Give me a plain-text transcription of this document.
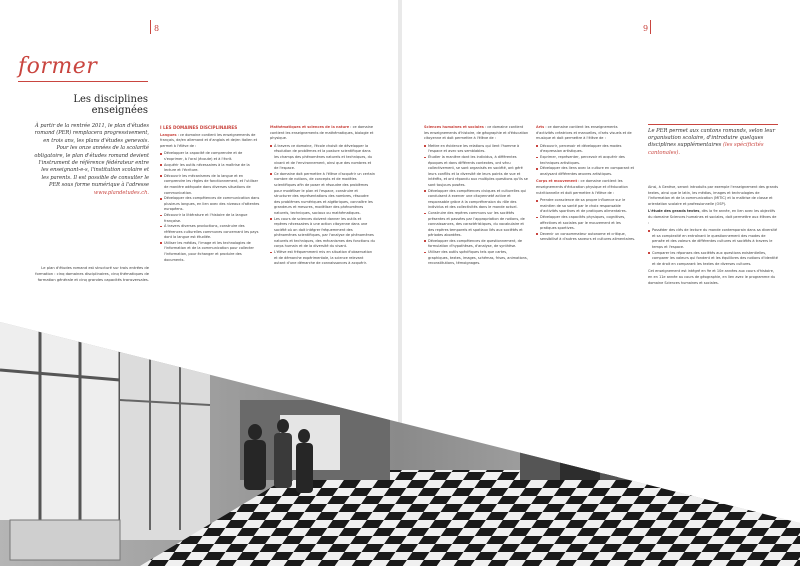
8
former
Les disciplines enseignées
À partir de la rentrée 2011, le plan d'études romand (PER) remplacera progressivement, en trois ans, les plans d'études genevois. Pour les onze années de la scolarité obligatoire, le plan d'études romand devient l'instrument de référence fédérateur entre les enseignant-e-s, l'institution scolaire et les parents. Il est possible de consulter le PER sous forme numérique à l'adresse www.plandetudes.ch.
Le plan d'études romand est structuré sur trois entrées de formation : cinq domaines disciplinaires, cinq thématiques de formation générale et cinq grandes capacités transversales.

I LES DOMAINES DISCIPLINAIRES

Langues : ce domaine contient les enseignements de français, de/en allemand et d'anglais et de/en italien et permet à l'élève de :

Développer la capacité de comprendre et de s'exprimer, à l'oral (écoute) et à l'écrit.
Acquérir les outils nécessaires à la maîtrise de la lecture et l'écriture.
Découvrir les mécanismes de la langue et en comprendre les règles de fonctionnement, et l'utiliser de manière adéquate dans diverses situations de communication.
Développer des compétences de communication dans plusieurs langues, en lien avec des niveaux d'attentes européens.
Découvrir la littérature et l'histoire de la langue française.
À travers diverses productions, construire des références culturelles communes concernant les pays dont la langue est étudiée.
Utiliser les médias, l'image et les technologies de l'information et de la communication pour collecter l'information, pour échanger et produire des documents.

Mathématiques et sciences de la nature : ce domaine contient les enseignements de mathématiques, biologie et physique.

À travers ce domaine, l'école choisit de développer la résolution de problèmes et la posture scientifique dans les champs des phénomènes naturels et techniques, du vivant et de l'environnement, ainsi que des nombres et de l'espace.
Ce domaine doit permettre à l'élève d'acquérir un certain nombre de notions, de concepts et de modèles scientifiques afin de poser et résoudre des problèmes pour modéliser le plan et l'espace, construire et structurer des représentations des nombres, résoudre des problèmes numériques et algébriques, connaître les grandeurs et mesures, modéliser des phénomènes naturels, techniques, sociaux ou mathématiques.
Les cours de sciences doivent donner les outils et repères nécessaires à une action citoyenne dans une société où on doit intégrer fréquemment des phénomènes scientifiques, par l'analyse de phénomènes naturels et techniques, des mécanismes des fonctions du corps humain et de la diversité du vivant.
L'élève est fréquemment mis en situation d'observation et de démarche expérimentale, la science relevant autant d'une démarche de connaissances à acquérir.
9

Sciences humaines et sociales : ce domaine contient les enseignements d'histoire, de géographie et d'éducation citoyenne et doit permettre à l'élève de :

Mettre en évidence les relations qui lient l'homme à l'espace et avec ses semblables.
Étudier la manière dont les individus, à différentes époques et dans différents contextes, ont vécu collectivement, se sont organisés en société, ont géré leurs conflits et la diversité de leurs points de vue et intérêts, et ont répondu aux multiples questions qu'ils se sont toujours posées.
Développer des compétences civiques et culturelles qui conduisent à exercer une citoyenneté active et responsable grâce à la compréhension du rôle des individus et des collectivités dans le monde actuel.
Construire des repères communs sur les sociétés présentes et passées par l'appropriation de notions, de connaissances, des caractéristiques, du vocabulaire et des repères temporels et spatiaux liés aux sociétés et périodes abordées.
Développer des compétences de questionnement, de formulation d'hypothèses, d'analyse, de synthèse.
Utiliser des outils spécifiques tels que cartes, graphiques, textes, images, schémas, frises, animations, reconstitutions, témoignages.

Arts : ce domaine contient les enseignements d'activités créatrices et manuelles, d'arts visuels et de musique et doit permettre à l'élève de :

Découvrir, percevoir et développer des modes d'expression artistiques.
Exprimer, représenter, percevoir et acquérir des techniques artistiques.
Développer des liens avec la culture en comparant et analysant différentes œuvres artistiques.

Corps et mouvement : ce domaine contient les enseignements d'éducation physique et d'éducation nutritionnelle et doit permettre à l'élève de :

Prendre conscience de sa propre influence sur le maintien de sa santé par le choix responsable d'activités sportives et de pratiques alimentaires.
Développer des capacités physiques, cognitives, affectives et sociales par le mouvement et les pratiques sportives.
Devenir un consommateur autonome et critique, sensibilisé à d'autres saveurs et cultures alimentaires.
Le PER permet aux cantons romands, selon leur organisation scolaire, d'introduire quelques disciplines supplémentaires (les spécificités cantonales).

Ainsi, à Genève, seront introduits par exemple l'enseignement des grands textes, ainsi que le latin, les médias, images et technologies de l'information et de la communication (MITIC) et la maîtrise de classe et orientation scolaire et professionnelle (OSP).

L'étude des grands textes, dès la 9e année, en lien avec les objectifs du domaine Sciences humaines et sociales, doit permettre aux élèves de :

Posséder des clés de lecture du monde contemporain dans sa diversité et sa complexité en entraînant le questionnement des modes de pensée et des valeurs de différentes cultures et sociétés à travers le temps et l'espace.
Comparer les réponses des sociétés aux questions existentielles, comparer les valeurs qui fondent et les équilibres des notions d'identité et de droit en comparant les textes de diverses cultures.

Cet enseignement est intégré en 9e et 10e années aux cours d'histoire, en en 11e année au cours de géographie, en lien avec le programme du domaine Sciences humaines et sociales.
